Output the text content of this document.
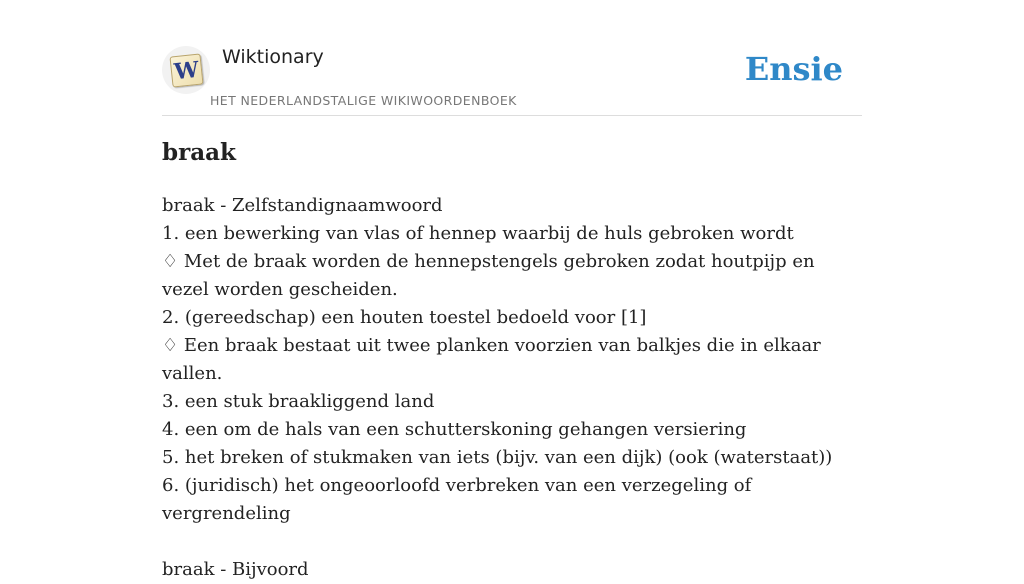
W Wiktionary
HET NEDERLANDSTALIGE WIKIWOORDENBOEK
Ensie
braak
braak - Zelfstandignaamwoord
1. een bewerking van vlas of hennep waarbij de huls gebroken wordt
♢ Met de braak worden de hennepstengels gebroken zodat houtpijp en vezel worden gescheiden.
2. (gereedschap) een houten toestel bedoeld voor [1]
♢ Een braak bestaat uit twee planken voorzien van balkjes die in elkaar vallen.
3. een stuk braakliggend land
4. een om de hals van een schutterskoning gehangen versiering
5. het breken of stukmaken van iets (bijv. van een dijk) (ook (waterstaat))
6. (juridisch) het ongeoorloofd verbreken van een verzegeling of vergrendeling
braak - Bijvoord
